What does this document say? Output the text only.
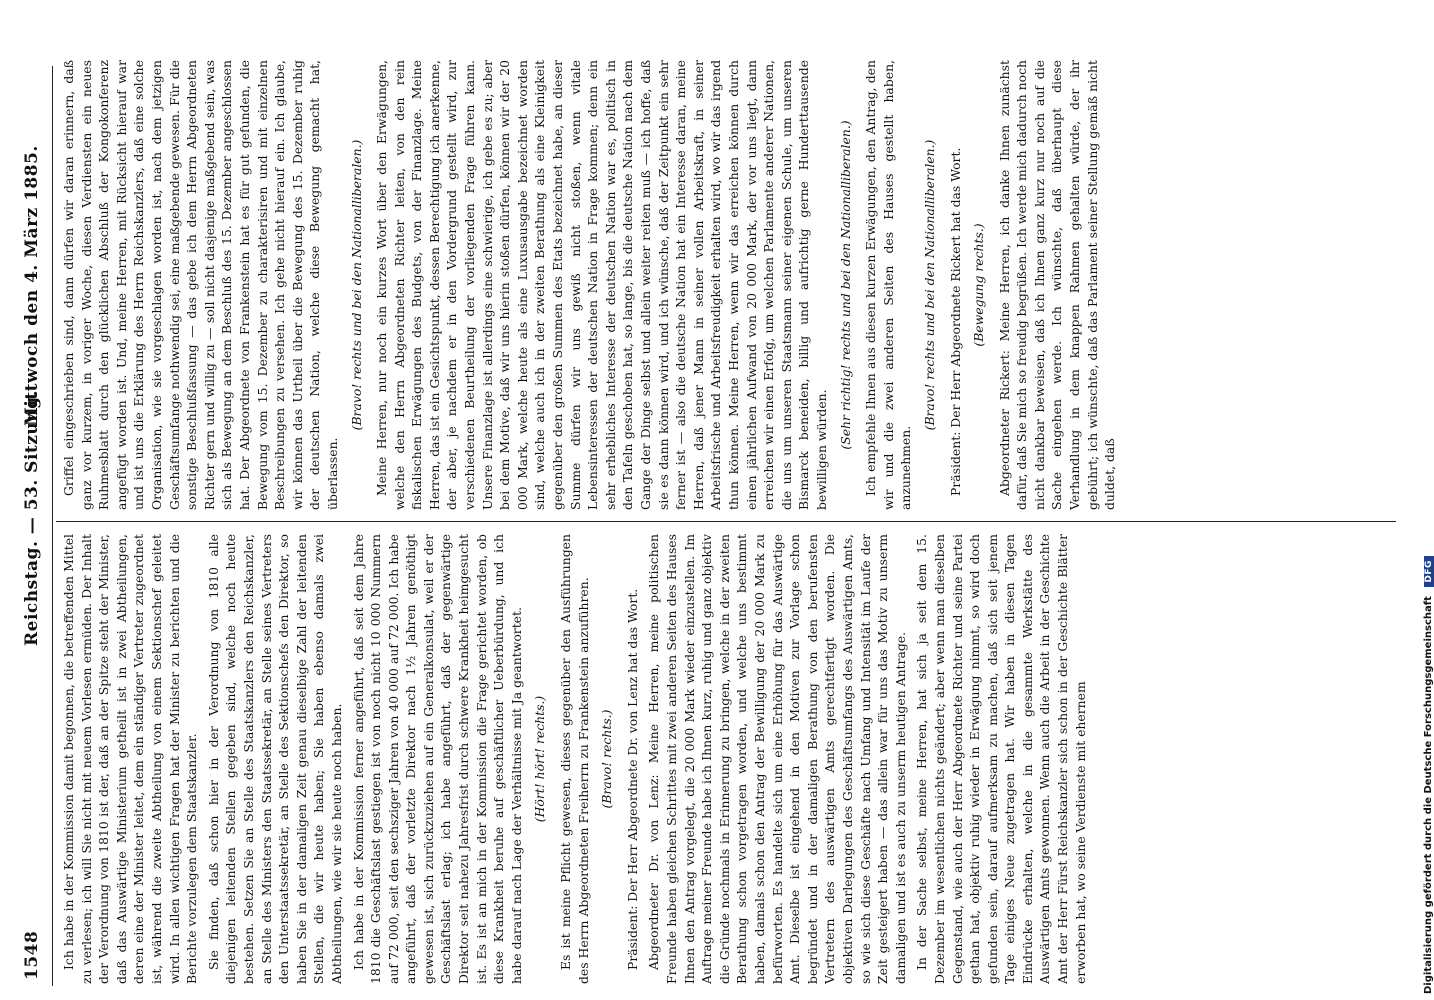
1548
Reichstag. — 53. Sitzung.
Mittwoch den 4. März 1885.

Ich habe in der Kommission damit begonnen, die betreffenden Mittel zu verlesen; ich will Sie nicht mit neuem Vorlesen ermüden. Der Inhalt der Verordnung von 1810 ist der, daß an der Spitze steht der Minister, daß das Auswärtige Ministerium getheilt ist in zwei Abtheilungen, deren eine der Minister leitet, dem ein ständiger Vertreter zugeordnet ist, während die zweite Abtheilung von einem Sektionschef geleitet wird. In allen wichtigen Fragen hat der Minister zu berichten und die Berichte vorzulegen dem Staatskanzler. Sie finden, daß schon hier in der Verordnung von 1810 alle diejenigen leitenden Stellen gegeben sind, welche noch heute bestehen. Setzen Sie an Stelle des Staatskanzlers den Reichskanzler, an Stelle des Ministers den Staatssekretär, an Stelle seines Vertreters den Unterstaatssekretär, an Stelle des Sektionschefs den Direktor, so haben Sie in der damaligen Zeit genau dieselbige Zahl der leitenden Stellen, die wir heute haben; Sie haben ebenso damals zwei Abtheilungen, wie wir sie heute noch haben. Ich habe in der Kommission ferner angeführt, daß seit dem Jahre 1810 die Geschäftslast gestiegen ist von noch nicht 10 000 Nummern auf 72 000, seit den sechsziger Jahren von 40 000 auf 72 000. Ich habe angeführt, daß der vorletzte Direktor nach 1½ Jahren genöthigt gewesen ist, sich zurückzuziehen auf ein Generalkonsulat, weil er der Geschäftslast erlag; ich habe angeführt, daß der gegenwärtige Direktor seit nahezu Jahresfrist durch schwere Krankheit heimgesucht ist. Es ist an mich in der Kommission die Frage gerichtet worden, ob diese Krankheit beruhe auf geschäftlicher Ueberbürdung, und ich habe darauf nach Lage der Verhältnisse mit Ja geantwortet. (Hört! hört! rechts.) Es ist meine Pflicht gewesen, dieses gegenüber den Ausführungen des Herrn Abgeordneten Freiherrn zu Frankenstein anzuführen. (Bravo! rechts.) Präsident: Der Herr Abgeordnete Dr. von Lenz hat das Wort. Abgeordneter Dr. von Lenz: Meine Herren, meine politischen Freunde haben gleichen Schrittes mit zwei anderen Seiten des Hauses Ihnen den Antrag vorgelegt, die 20 000 Mark wieder einzustellen. Im Auftrage meiner Freunde habe ich Ihnen kurz, ruhig und ganz objektiv die Gründe nochmals in Erinnerung zu bringen, welche in der zweiten Berathung schon vorgetragen worden, und welche uns bestimmt haben, damals schon den Antrag der Bewilligung der 20 000 Mark zu befürworten. Es handelte sich um eine Erhöhung für das Auswärtige Amt. Dieselbe ist eingehend in den Motiven zur Vorlage schon begründet und in der damaligen Berathung von den berufensten Vertretern des auswärtigen Amts gerechtfertigt worden. Die objektiven Darlegungen des Geschäftsumfangs des Auswärtigen Amts, so wie sich diese Geschäfte nach Umfang und Intensität im Laufe der Zeit gesteigert haben — das allein war für uns das Motiv zu unserm damaligen und ist es auch zu unserm heutigen Antrage. In der Sache selbst, meine Herren, hat sich ja seit dem 15. Dezember im wesentlichen nichts geändert; aber wenn man dieselben Gegenstand, wie auch der Herr Abgeordnete Richter und seine Partei gethan hat, objektiv ruhig wieder in Erwägung nimmt, so wird doch gefunden sein, darauf aufmerksam zu machen, daß sich seit jenem Tage einiges Neue zugetragen hat. Wir haben in diesen Tagen Eindrücke erhalten, welche in die gesammte Werkstätte des Auswärtigen Amts gewonnen. Wenn auch die Arbeit in der Geschichte Amt der Herr Fürst Reichskanzler sich schon in der Geschichte Blätter erworben hat, wo seine Verdienste mit ehernem

Griffel eingeschrieben sind, dann dürfen wir daran erinnern, daß ganz vor kurzem, in voriger Woche, diesen Verdiensten ein neues Ruhmesblatt durch den glücklichen Abschluß der Kongokonferenz angefügt worden ist. Und, meine Herren, mit Rücksicht hierauf war und ist uns die Erklärung des Herrn Reichskanzlers, daß eine solche Organisation, wie sie vorgeschlagen worden ist, nach dem jetzigen Geschäftsumfange nothwendig sei, eine maßgebende gewesen. Für die sonstige Beschlußfassung — das gebe ich dem Herrn Abgeordneten Richter gern und willig zu — soll nicht dasjenige maßgebend sein, was sich als Bewegung an dem Beschluß des 15. Dezember angeschlossen hat. Der Abgeordnete von Frankenstein hat es für gut gefunden, die Bewegung vom 15. Dezember zu charakterisiren und mit einzelnen Beschreibungen zu versehen. Ich gehe nicht hierauf ein. Ich glaube, wir können das Urtheil über die Bewegung des 15. Dezember ruhig der deutschen Nation, welche diese Bewegung gemacht hat, überlassen.

(Bravo! rechts und bei den Nationalliberalen.) Meine Herren, nur noch ein kurzes Wort über den Erwägungen, welche den Herrn Abgeordneten Richter leiten, von den rein fiskalischen Erwägungen des Budgets, von der Finanzlage. Meine Herren, das ist ein Gesichtspunkt, dessen Berechtigung ich anerkenne, der aber, je nachdem er in den Vordergrund gestellt wird, zur verschiedenen Beurtheilung der vorliegenden Frage führen kann. Unsere Finanzlage ist allerdings eine schwierige, ich gebe es zu; aber bei dem Motive, daß wir uns hierin stoßen dürfen, können wir der 20 000 Mark, welche heute als eine Luxusausgabe bezeichnet worden sind, welche auch ich in der zweiten Berathung als eine Kleinigkeit gegenüber den großen Summen des Etats bezeichnet habe, an dieser Summe dürfen wir uns gewiß nicht stoßen, wenn vitale Lebensinteressen der deutschen Nation in Frage kommen; denn ein sehr erhebliches Interesse der deutschen Nation war es, politisch in den Tafeln geschoben hat, so lange, bis die deutsche Nation nach dem Gange der Dinge selbst und allein weiter reiten muß — ich hoffe, daß sie es dann können wird, und ich wünsche, daß der Zeitpunkt ein sehr ferner ist — also die deutsche Nation hat ein Interesse daran, meine Herren, daß jener Mann in seiner vollen Arbeitskraft, in seiner Arbeitsfrische und Arbeitsfreudigkeit erhalten wird, wo wir das irgend thun können. Meine Herren, wenn wir das erreichen können durch einen jährlichen Aufwand von 20 000 Mark, der vor uns liegt, dann erreichen wir einen Erfolg, um welchen Parlamente anderer Nationen, die uns um unseren Staatsmann seiner eigenen Schule, um unseren Bismarck beneiden, billig und aufrichtig gerne Hunderttausende bewilligen würden.

(Sehr richtig! rechts und bei den Nationalliberalen.) Ich empfehle Ihnen aus diesen kurzen Erwägungen, den Antrag, den wir und die zwei anderen Seiten des Hauses gestellt haben, anzunehmen.

(Bravo! rechts und bei den Nationalliberalen.) Präsident: Der Herr Abgeordnete Rickert hat das Wort. (Bewegung rechts.) Abgeordneter Rickert: Meine Herren, ich danke Ihnen zunächst dafür, daß Sie mich so freudig begrüßen. Ich werde mich dadurch noch nicht dankbar beweisen, daß ich Ihnen ganz kurz nur noch auf die Sache eingehen werde. Ich wünschte, daß überhaupt diese Verhandlung in dem knappen Rahmen gehalten würde, der ihr gebührt; ich wünschte, daß das Parlament seiner Stellung gemäß nicht duldet, daß

Digitalisierung gefördert durch die Deutsche Forschungsgemeinschaft DFG
